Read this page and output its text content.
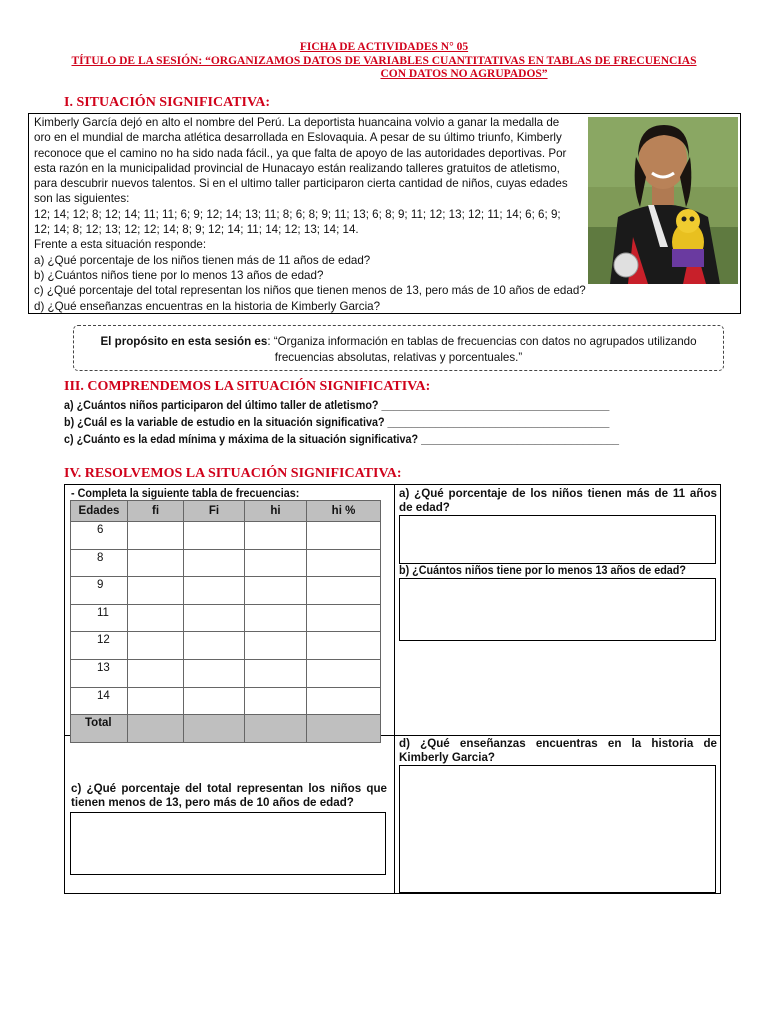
FICHA DE ACTIVIDADES N° 05
TÍTULO DE LA SESIÓN: “ORGANIZAMOS DATOS DE VARIABLES CUANTITATIVAS EN TABLAS DE FRECUENCIAS
CON DATOS NO AGRUPADOS”
I. SITUACIÓN SIGNIFICATIVA:

Kimberly García dejó en alto el nombre del Perú. La deportista huancaina volvio a ganar la medalla de

oro en el mundial de marcha atlética desarrollada en Eslovaquia. A pesar de su último triunfo, Kimberly

reconoce que el camino no ha sido nada fácil., ya que falta de apoyo de las autoridades deportivas. Por

esta razón en la municipalidad provincial de Hunacayo están realizando talleres gratuitos de atletismo,

para descubrir nuevos talentos. Si en el ultimo taller participaron cierta cantidad de niños, cuyas edades

son las siguientes:

12; 14; 12; 8; 12; 14; 11; 11; 6; 9; 12; 14; 13; 11; 8; 6; 8; 9; 11; 13; 6; 8; 9; 11; 12; 13; 12; 11; 14; 6; 6; 9;

12; 14; 8; 12; 13; 12; 12; 14; 8; 9; 12; 14; 11; 14; 12; 13; 14; 14.

Frente a esta situación responde:

a) ¿Qué porcentaje de los niños tienen más de 11 años de edad?

b) ¿Cuántos niños tiene por lo menos 13 años de edad?

c) ¿Qué porcentaje del total representan los niños que tienen menos de 13, pero más de 10 años de edad?

d) ¿Qué enseñanzas encuentras en la historia de Kimberly Garcia?

El propósito en esta sesión es: “Organiza información en tablas de frecuencias con datos no agrupados utilizando
frecuencias absolutas, relativas y porcentuales.”
III. COMPRENDEMOS LA SITUACIÓN SIGNIFICATIVA:
a) ¿Cuántos niños participaron del último taller de atletismo? ______________________________________
b) ¿Cuál es la variable de estudio en la situación significativa? _____________________________________
c) ¿Cuánto es la edad mínima y máxima de la situación significativa? _________________________________
IV. RESOLVEMOS LA SITUACIÓN SIGNIFICATIVA:
- Completa la siguiente tabla de frecuencias:
Edades	fi	Fi	hi	hi %
6				
8				
9				
11				
12				
13				
14				
Total				
a) ¿Qué porcentaje de los niños tienen más de 11 años de edad?
b) ¿Cuántos niños tiene por lo menos 13 años de edad?
c) ¿Qué porcentaje del total representan los niños que tienen menos de 13, pero más de 10 años de edad?
d) ¿Qué enseñanzas encuentras en la historia de Kimberly Garcia?
